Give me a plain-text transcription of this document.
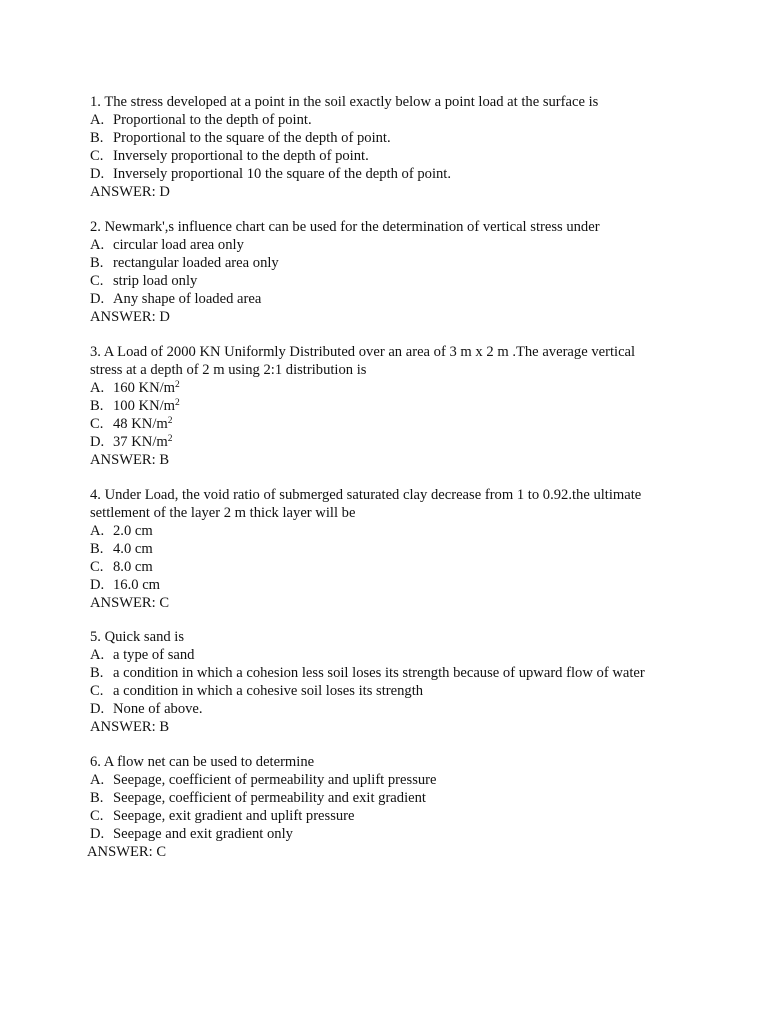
1. The stress developed at a point in the soil exactly below a point load at the surface is
A. Proportional to the depth of point.
B. Proportional to the square of the depth of point.
C. Inversely proportional to the depth of point.
D. Inversely proportional 10 the square of the depth of point.
ANSWER: D
2. Newmark',s influence chart can be used for the determination of vertical stress under
A. circular load area only
B. rectangular loaded area only
C. strip load only
D. Any shape of loaded area
ANSWER: D
3. A Load of 2000 KN Uniformly Distributed over an area of 3 m x 2 m .The average vertical
stress at a depth of 2 m using 2:1 distribution is
A. 160 $KN/m^2$
B. 100 $KN/m^2$
C. 48 $KN/m^2$
D. 37 $KN/m^2$
ANSWER: B
4. Under Load, the void ratio of submerged saturated clay decrease from 1 to 0.92.the ultimate
settlement of the layer 2 m thick layer will be
A. 2.0 cm
B. 4.0 cm
C. 8.0 cm
D. 16.0 cm
ANSWER: C
5. Quick sand is
A. a type of sand
B. a condition in which a cohesion less soil loses its strength because of upward flow of water
C. a condition in which a cohesive soil loses its strength
D. None of above.
ANSWER: B
6. A flow net can be used to determine
A. Seepage, coefficient of permeability and uplift pressure
B. Seepage, coefficient of permeability and exit gradient
C. Seepage, exit gradient and uplift pressure
D. Seepage and exit gradient only
ANSWER: C
